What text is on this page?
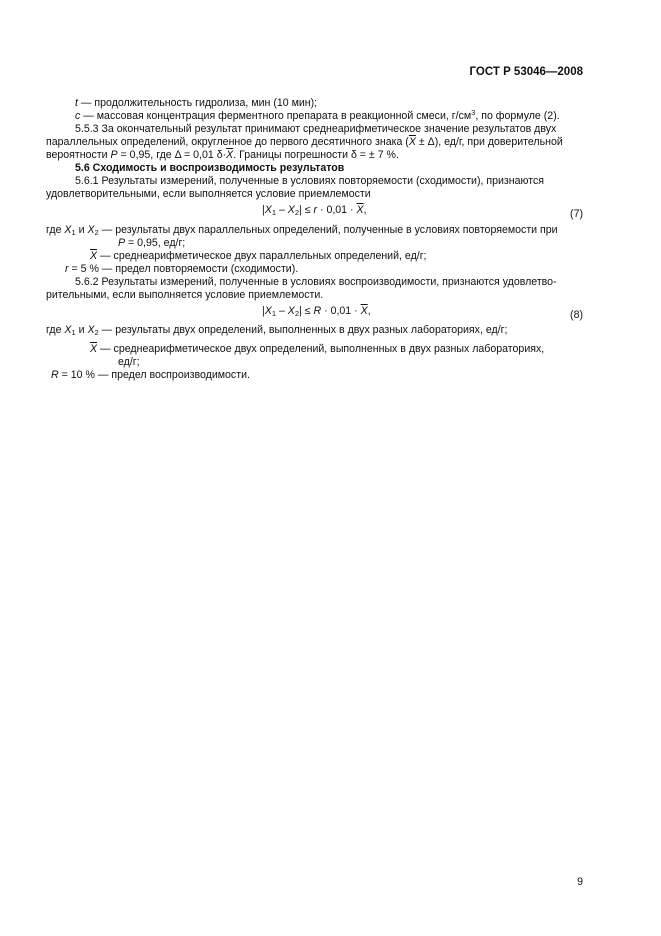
ГОСТ Р 53046—2008
t — продолжительность гидролиза, мин (10 мин);
c — массовая концентрация ферментного препарата в реакционной смеси, $г/см^3$, по формуле (2).
5.5.3 За окончательный результат принимают среднеарифметическое значение результатов двух
параллельных определений, округленное до первого десятичного знака $(\overline{X} \pm \Delta)$, ед/г, при доверительной
вероятности P = 0,95, где Δ = 0,01 $\delta\cdot\overline{X}$. Границы погрешности δ = ± 7 %.
5.6 Сходимость и воспроизводимость результатов
5.6.1 Результаты измерений, полученные в условиях повторяемости (сходимости), признаются
удовлетворительными, если выполняется условие приемлемости
$|X_1 - X_2| \le r \cdot 0,01 \cdot \overline{X}$,	(7)
где $X_1$ и $X_2$ — результаты двух параллельных определений, полученные в условиях повторяемости при
P = 0,95, ед/г;
$\overline{X}$ — среднеарифметическое двух параллельных определений, ед/г;
r = 5 % — предел повторяемости (сходимости).
5.6.2 Результаты измерений, полученные в условиях воспроизводимости, признаются удовлетво-
рительными, если выполняется условие приемлемости.
$|X_1 - X_2| \le R \cdot 0,01 \cdot \overline{X}$,	(8)
где $X_1$ и $X_2$ — результаты двух определений, выполненных в двух разных лабораториях, ед/г;
$\overline{X}$ — среднеарифметическое двух определений, выполненных в двух разных лабораториях,
ед/г;
R = 10 % — предел воспроизводимости.
9
